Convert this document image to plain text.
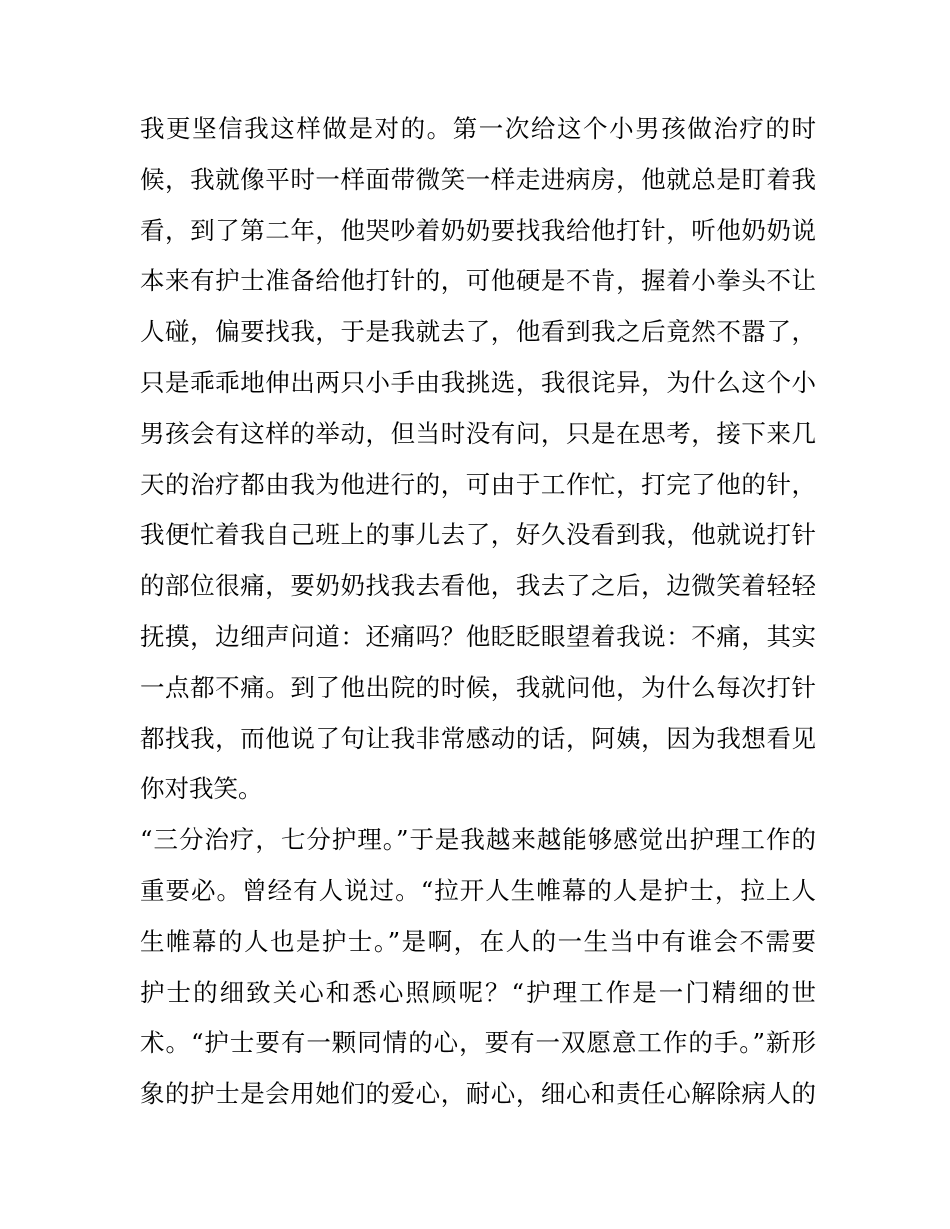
我更坚信我这样做是对的。第一次给这个小男孩做治疗的时
候，我就像平时一样面带微笑一样走进病房，他就总是盯着我
看，到了第二年，他哭吵着奶奶要找我给他打针，听他奶奶说
本来有护士准备给他打针的，可他硬是不肯，握着小拳头不让
人碰，偏要找我，于是我就去了，他看到我之后竟然不嚣了，
只是乖乖地伸出两只小手由我挑选，我很诧异，为什么这个小
男孩会有这样的举动，但当时没有问，只是在思考，接下来几
天的治疗都由我为他进行的，可由于工作忙，打完了他的针，
我便忙着我自己班上的事儿去了，好久没看到我，他就说打针
的部位很痛，要奶奶找我去看他，我去了之后，边微笑着轻轻
抚摸，边细声问道：还痛吗？他眨眨眼望着我说：不痛，其实
一点都不痛。到了他出院的时候，我就问他，为什么每次打针
都找我，而他说了句让我非常感动的话，阿姨，因为我想看见
你对我笑。
“三分治疗，七分护理。”于是我越来越能够感觉出护理工作的
重要必。曾经有人说过。“拉开人生帷幕的人是护士，拉上人
生帷幕的人也是护士。”是啊，在人的一生当中有谁会不需要
护士的细致关心和悉心照顾呢？“护理工作是一门精细的世
术。“护士要有一颗同情的心，要有一双愿意工作的手。”新形
象的护士是会用她们的爱心，耐心，细心和责任心解除病人的
